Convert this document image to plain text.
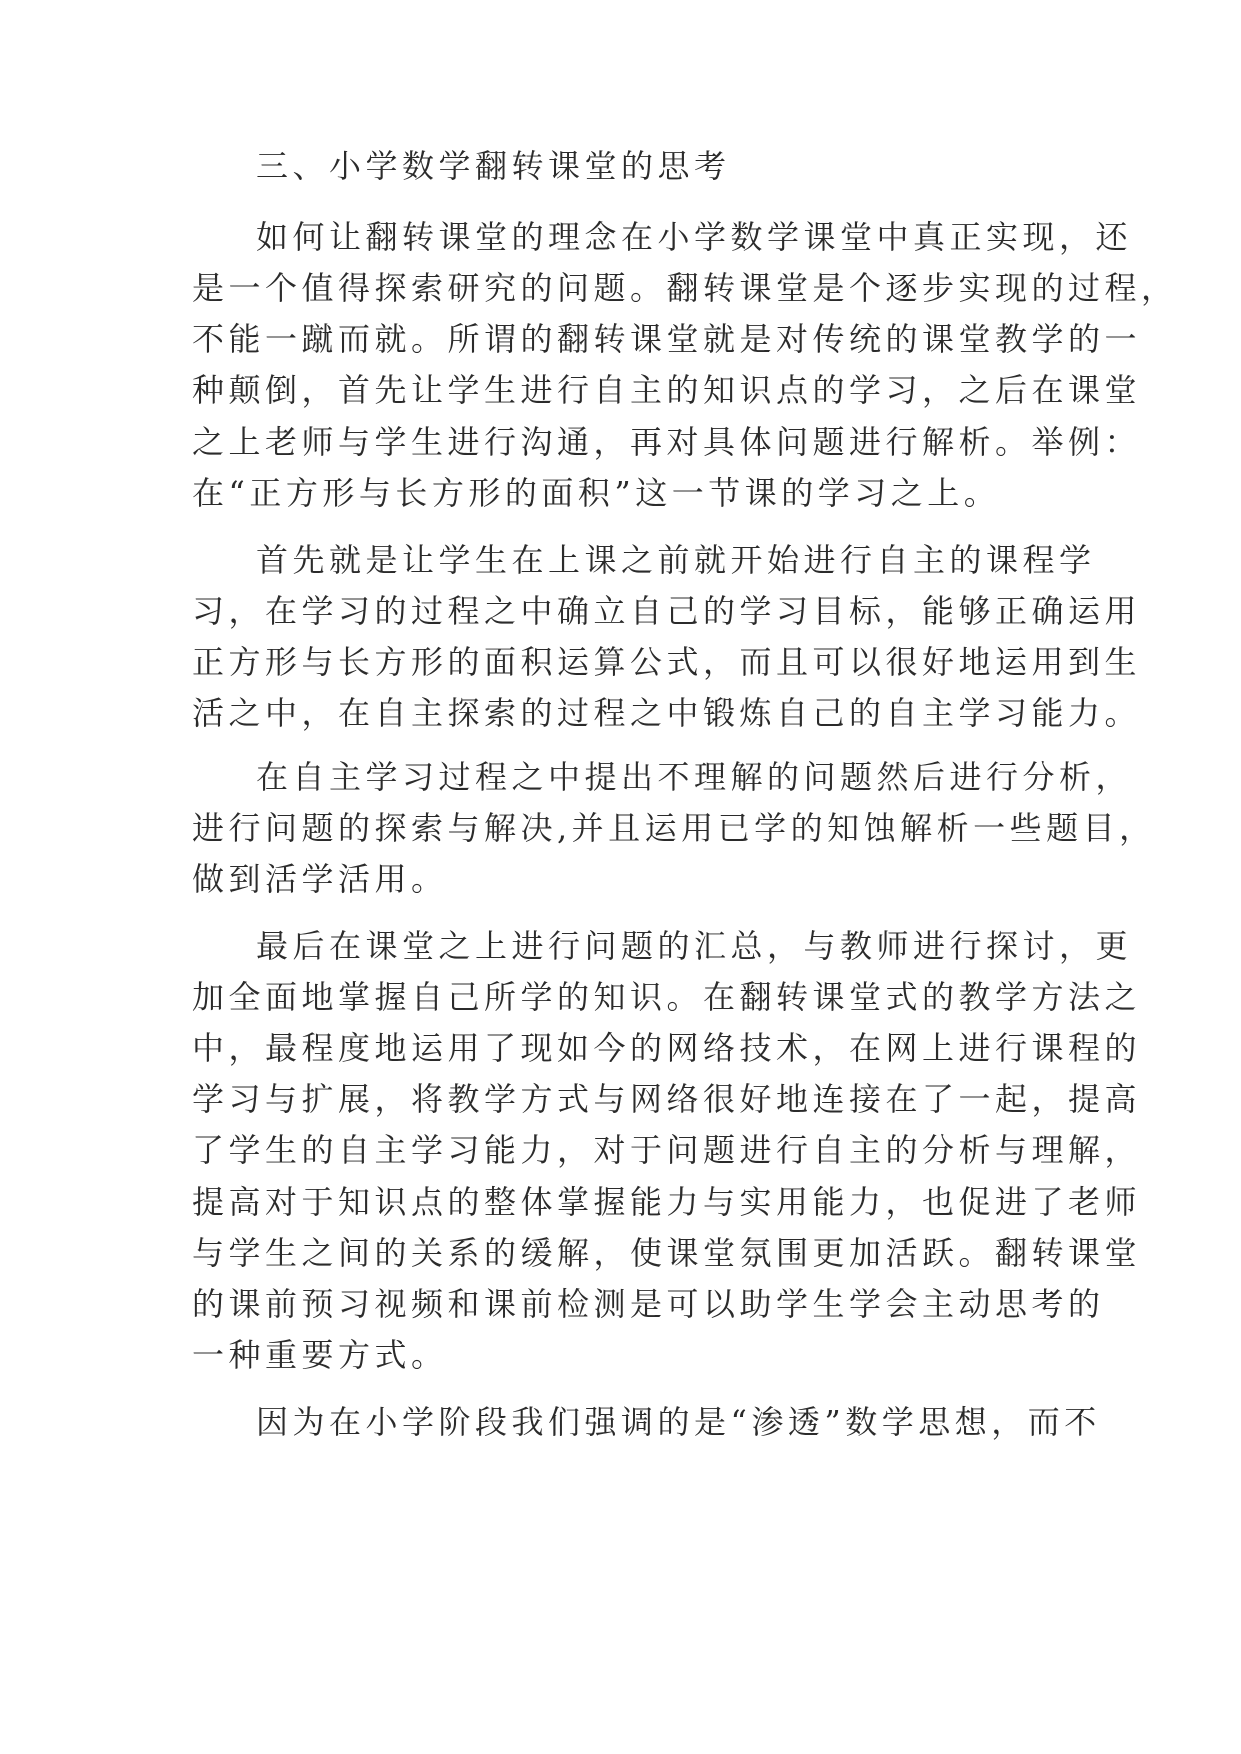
三、小学数学翻转课堂的思考
如何让翻转课堂的理念在小学数学课堂中真正实现，还
是一个值得探索研究的问题。翻转课堂是个逐步实现的过程，
不能一蹴而就。所谓的翻转课堂就是对传统的课堂教学的一
种颠倒，首先让学生进行自主的知识点的学习，之后在课堂
之上老师与学生进行沟通，再对具体问题进行解析。举例：
在“正方形与长方形的面积”这一节课的学习之上。
首先就是让学生在上课之前就开始进行自主的课程学
习，在学习的过程之中确立自己的学习目标，能够正确运用
正方形与长方形的面积运算公式，而且可以很好地运用到生
活之中，在自主探索的过程之中锻炼自己的自主学习能力。
在自主学习过程之中提出不理解的问题然后进行分析，
进行问题的探索与解决,并且运用已学的知蚀解析一些题目，
做到活学活用。
最后在课堂之上进行问题的汇总，与教师进行探讨，更
加全面地掌握自己所学的知识。在翻转课堂式的教学方法之
中，最程度地运用了现如今的网络技术，在网上进行课程的
学习与扩展，将教学方式与网络很好地连接在了一起，提高
了学生的自主学习能力，对于问题进行自主的分析与理解，
提高对于知识点的整体掌握能力与实用能力，也促进了老师
与学生之间的关系的缓解，使课堂氛围更加活跃。翻转课堂
的课前预习视频和课前检测是可以助学生学会主动思考的
一种重要方式。
因为在小学阶段我们强调的是“渗透”数学思想，而不
